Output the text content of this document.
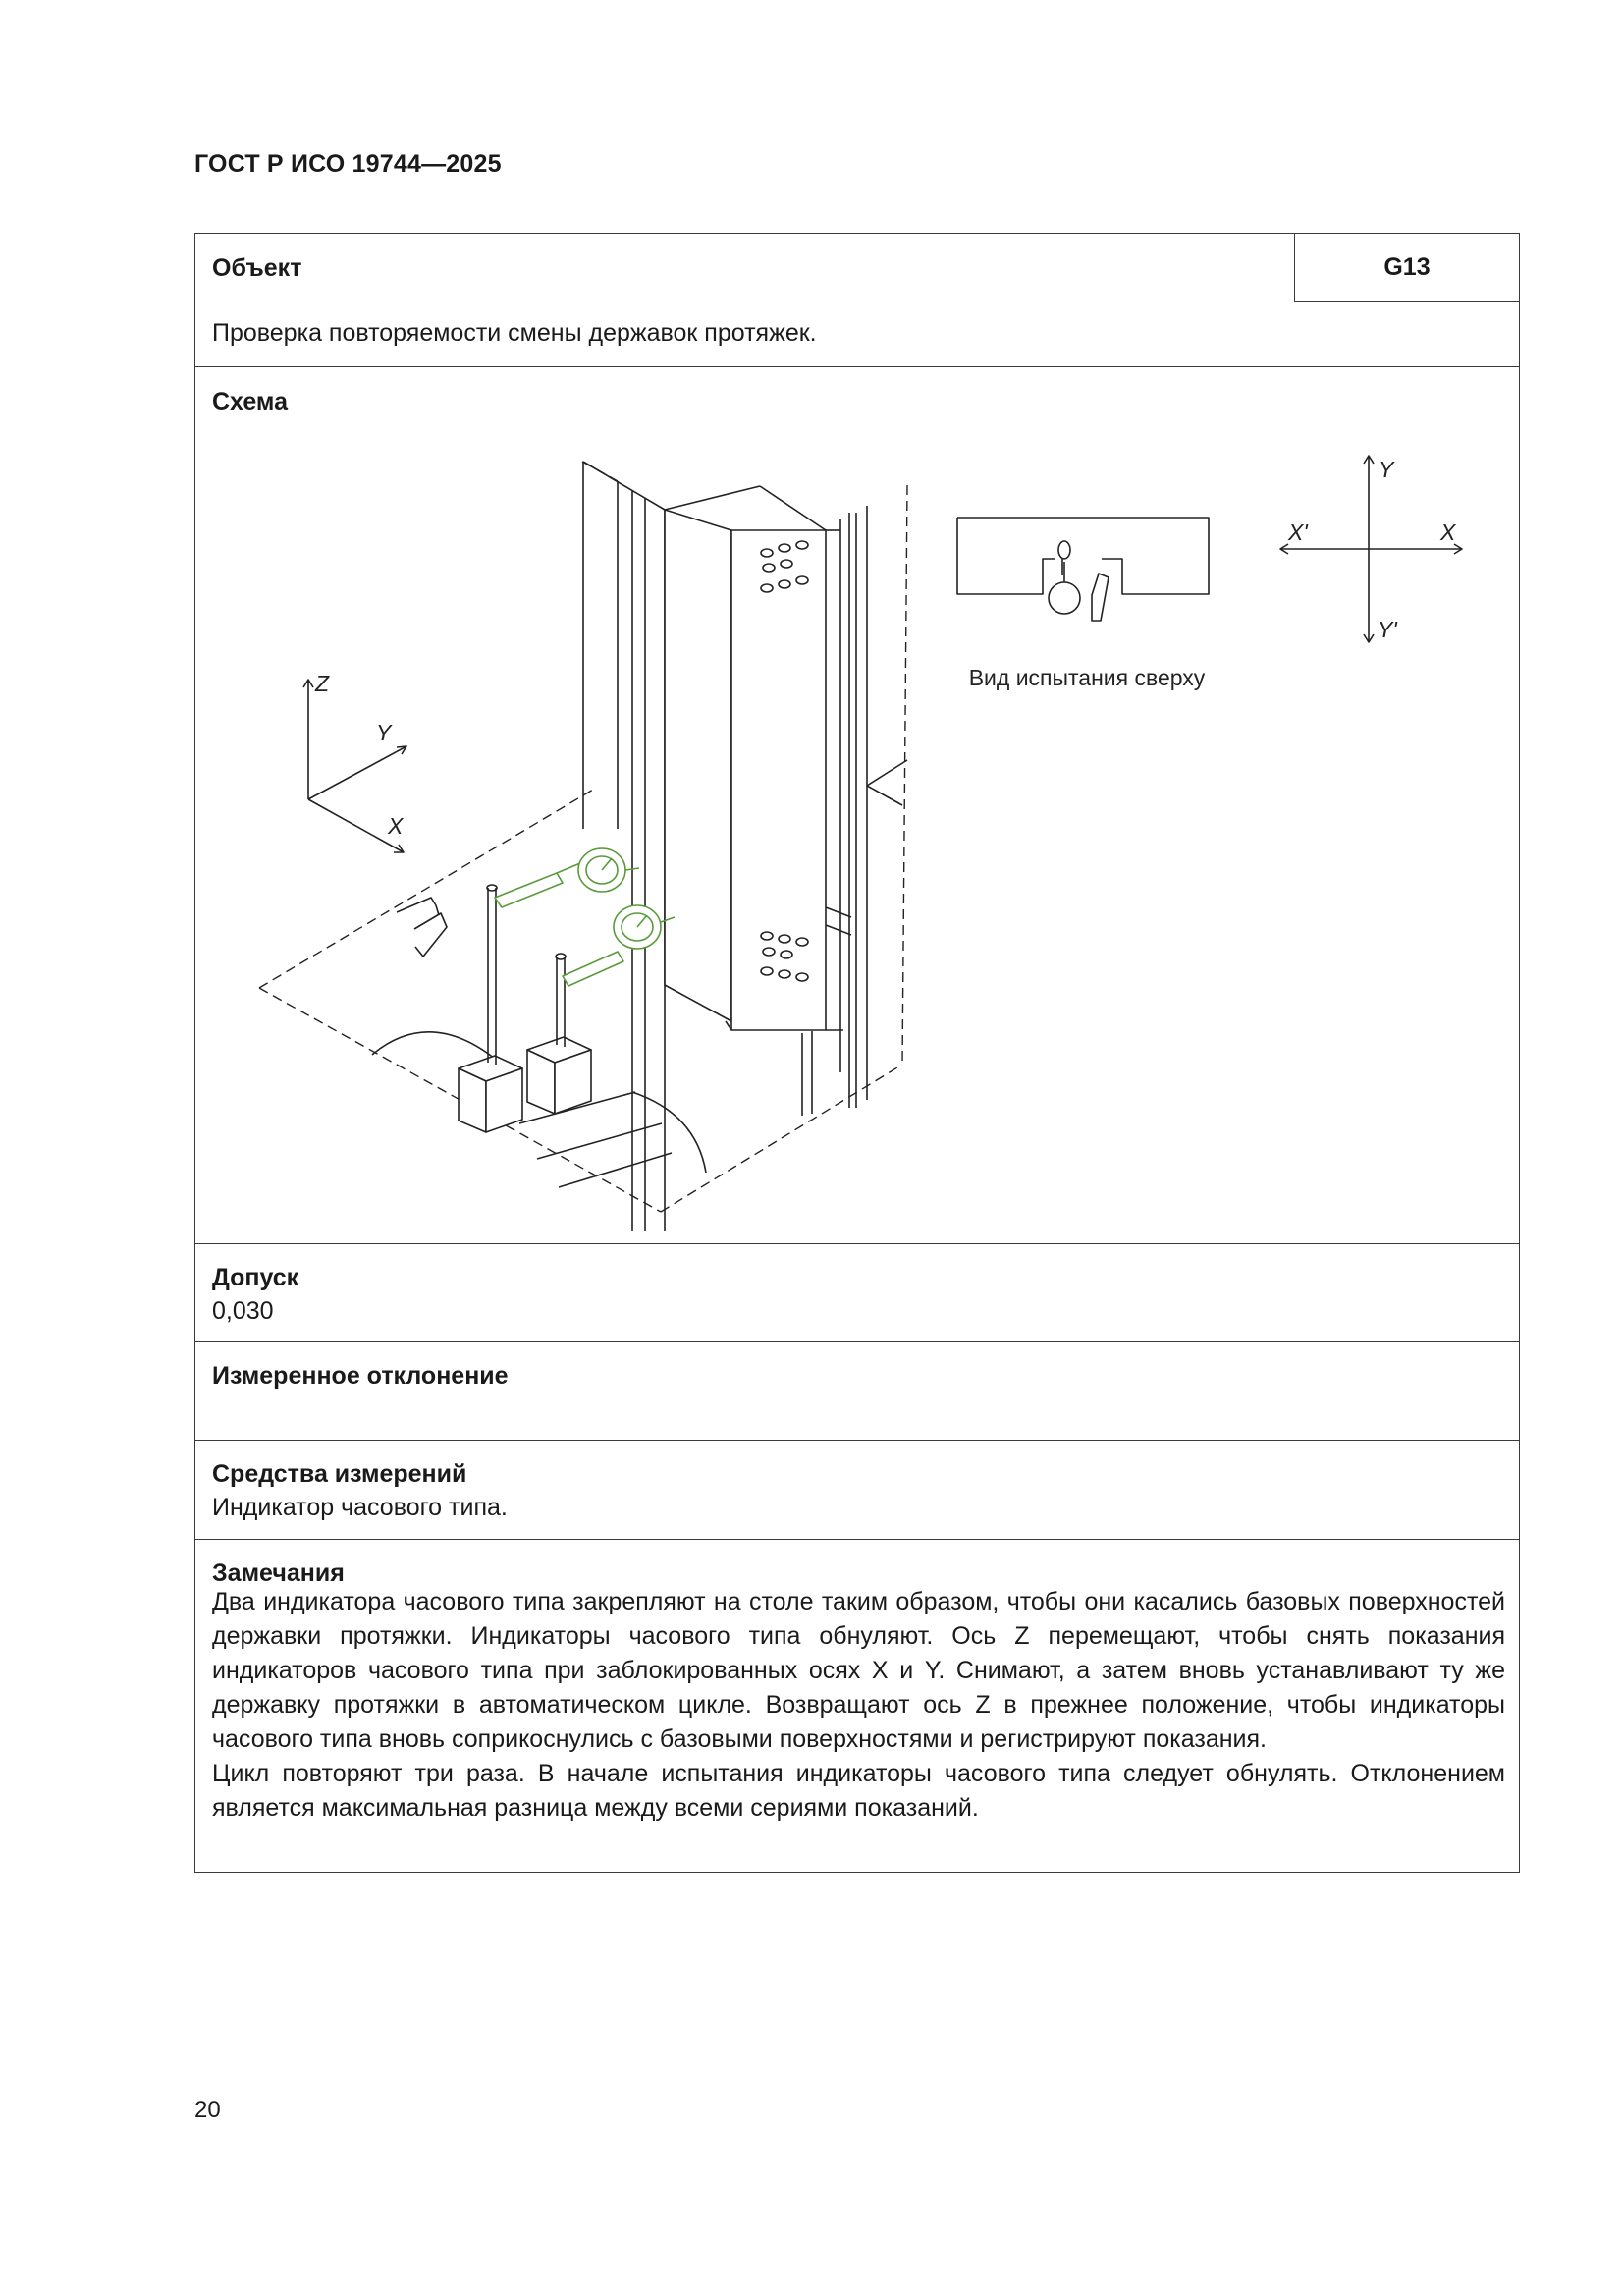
ГОСТ Р ИСО 19744—2025
Объект	G13
Проверка повторяемости смены державок протяжек.
Схема
Z
Y
X
Y
X'	X
Y'
Вид испытания сверху
Допуск
0,030
Измеренное отклонение
Средства измерений
Индикатор часового типа.
Замечания

Два индикатора часового типа закрепляют на столе таким образом, чтобы они касались базовых поверхностей державки протяжки. Индикаторы часового типа обнуляют. Ось Z перемещают, чтобы снять показания индикаторов часового типа при заблокированных осях X и Y. Снимают, а затем вновь устанавливают ту же державку протяжки в автоматическом цикле. Возвращают ось Z в прежнее положение, чтобы индикаторы часового типа вновь соприкоснулись с базовыми поверхностями и регистрируют показания.

Цикл повторяют три раза. В начале испытания индикаторы часового типа следует обнулять. Отклонением является максимальная разница между всеми сериями показаний.

20
